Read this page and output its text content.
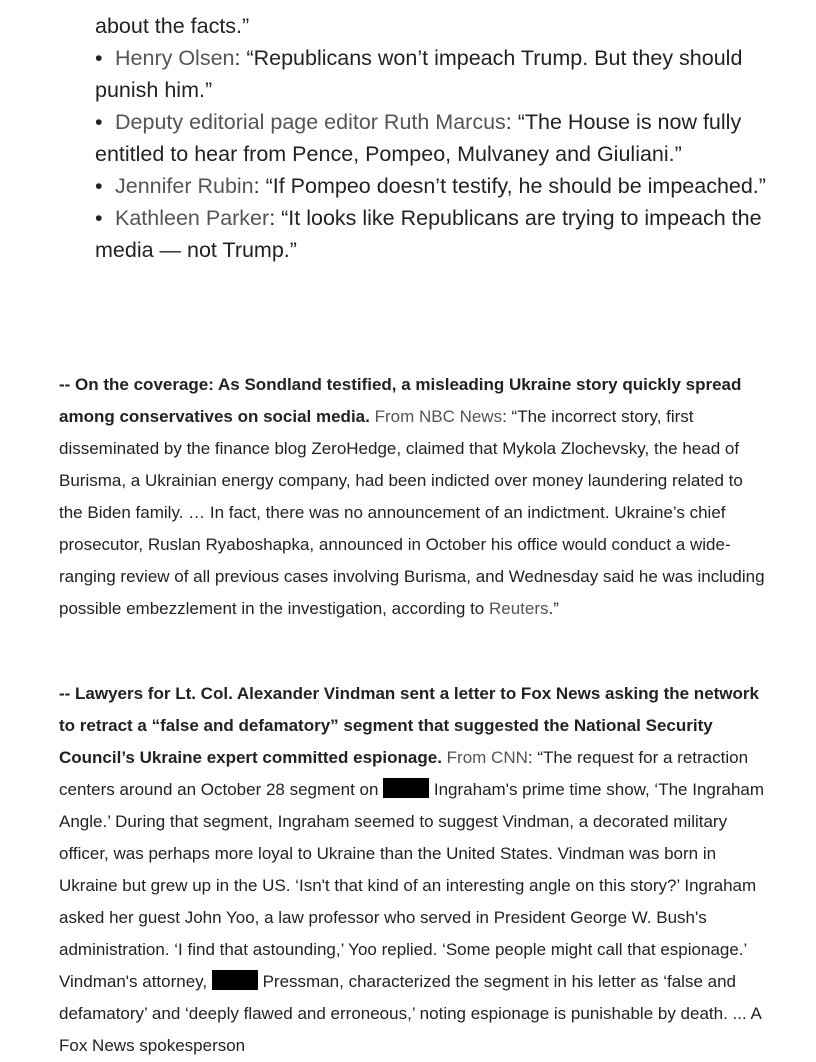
about the facts.”

• Henry Olsen: “Republicans won’t impeach Trump. But they should punish him.”

• Deputy editorial page editor Ruth Marcus: “The House is now fully entitled to hear from Pence, Pompeo, Mulvaney and Giuliani.”

• Jennifer Rubin: “If Pompeo doesn’t testify, he should be impeached.”

• Kathleen Parker: “It looks like Republicans are trying to impeach the media — not Trump.”

-- On the coverage: As Sondland testified, a misleading Ukraine story quickly spread among conservatives on social media. From NBC News: “The incorrect story, first disseminated by the finance blog ZeroHedge, claimed that Mykola Zlochevsky, the head of Burisma, a Ukrainian energy company, had been indicted over money laundering related to the Biden family. … In fact, there was no announcement of an indictment. Ukraine’s chief prosecutor, Ruslan Ryaboshapka, announced in October his office would conduct a wide-ranging review of all previous cases involving Burisma, and Wednesday said he was including possible embezzlement in the investigation, according to Reuters.”

-- Lawyers for Lt. Col. Alexander Vindman sent a letter to Fox News asking the network to retract a “false and defamatory” segment that suggested the National Security Council’s Ukraine expert committed espionage. From CNN: “The request for a retraction centers around an October 28 segment on	Ingraham's prime time show, ‘The Ingraham Angle.’ During that segment, Ingraham seemed to suggest Vindman, a decorated military officer, was perhaps more loyal to Ukraine than the United States. Vindman was born in Ukraine but grew up in the US. ‘Isn't that kind of an interesting angle on this story?’ Ingraham asked her guest John Yoo, a law professor who served in President George W. Bush's administration. ‘I find that astounding,’ Yoo replied. ‘Some people might call that espionage.’ Vindman's attorney,	Pressman, characterized the segment in his letter as ‘false and defamatory’ and ‘deeply flawed and erroneous,’ noting espionage is punishable by death. ... A Fox News spokesperson
